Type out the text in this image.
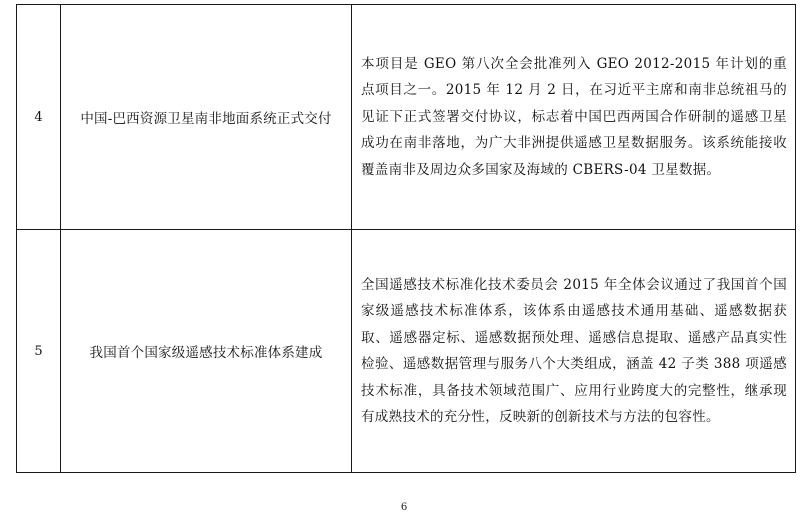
4	中国-巴西资源卫星南非地面系统正式交付	本项目是 GEO 第八次全会批准列入 GEO 2012-2015 年计划的重点项目之一。2015 年 12 月 2 日，在习近平主席和南非总统祖马的见证下正式签署交付协议，标志着中国巴西两国合作研制的遥感卫星成功在南非落地，为广大非洲提供遥感卫星数据服务。该系统能接收覆盖南非及周边众多国家及海域的 CBERS-04 卫星数据。

5	我国首个国家级遥感技术标准体系建成	全国遥感技术标准化技术委员会 2015 年全体会议通过了我国首个国家级遥感技术标准体系，该体系由遥感技术通用基础、遥感数据获取、遥感器定标、遥感数据预处理、遥感信息提取、遥感产品真实性检验、遥感数据管理与服务八个大类组成，涵盖 42 子类 388 项遥感技术标准，具备技术领域范围广、应用行业跨度大的完整性，继承现有成熟技术的充分性，反映新的创新技术与方法的包容性。

6
